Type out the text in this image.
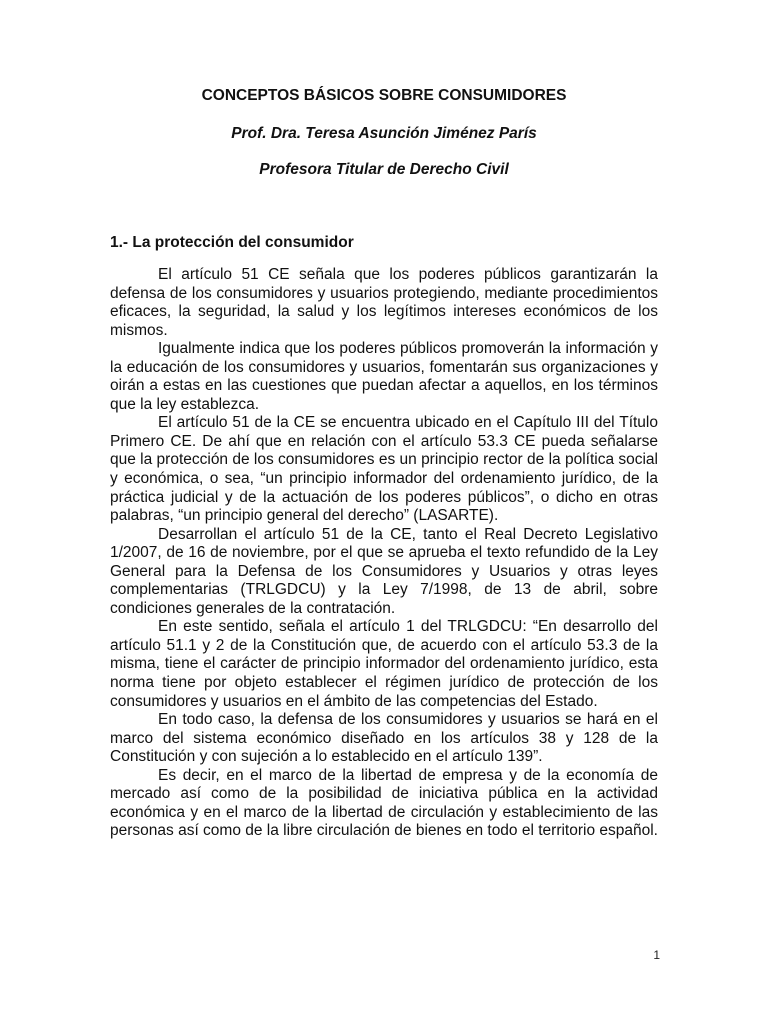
CONCEPTOS BÁSICOS SOBRE CONSUMIDORES

Prof. Dra. Teresa Asunción Jiménez París

Profesora Titular de Derecho Civil

1.- La protección del consumidor

El artículo 51 CE señala que los poderes públicos garantizarán la defensa de los consumidores y usuarios protegiendo, mediante procedimientos eficaces, la seguridad, la salud y los legítimos intereses económicos de los mismos.

Igualmente indica que los poderes públicos promoverán la información y la educación de los consumidores y usuarios, fomentarán sus organizaciones y oirán a estas en las cuestiones que puedan afectar a aquellos, en los términos que la ley establezca.

El artículo 51 de la CE se encuentra ubicado en el Capítulo III del Título Primero CE. De ahí que en relación con el artículo 53.3 CE pueda señalarse que la protección de los consumidores es un principio rector de la política social y económica, o sea, “un principio informador del ordenamiento jurídico, de la práctica judicial y de la actuación de los poderes públicos”, o dicho en otras palabras, “un principio general del derecho” (LASARTE).

Desarrollan el artículo 51 de la CE, tanto el Real Decreto Legislativo 1/2007, de 16 de noviembre, por el que se aprueba el texto refundido de la Ley General para la Defensa de los Consumidores y Usuarios y otras leyes complementarias (TRLGDCU) y la Ley 7/1998, de 13 de abril, sobre condiciones generales de la contratación.

En este sentido, señala el artículo 1 del TRLGDCU: “En desarrollo del artículo 51.1 y 2 de la Constitución que, de acuerdo con el artículo 53.3 de la misma, tiene el carácter de principio informador del ordenamiento jurídico, esta norma tiene por objeto establecer el régimen jurídico de protección de los consumidores y usuarios en el ámbito de las competencias del Estado.

En todo caso, la defensa de los consumidores y usuarios se hará en el marco del sistema económico diseñado en los artículos 38 y 128 de la Constitución y con sujeción a lo establecido en el artículo 139”.

Es decir, en el marco de la libertad de empresa y de la economía de mercado así como de la posibilidad de iniciativa pública en la actividad económica y en el marco de la libertad de circulación y establecimiento de las personas así como de la libre circulación de bienes en todo el territorio español.

1
